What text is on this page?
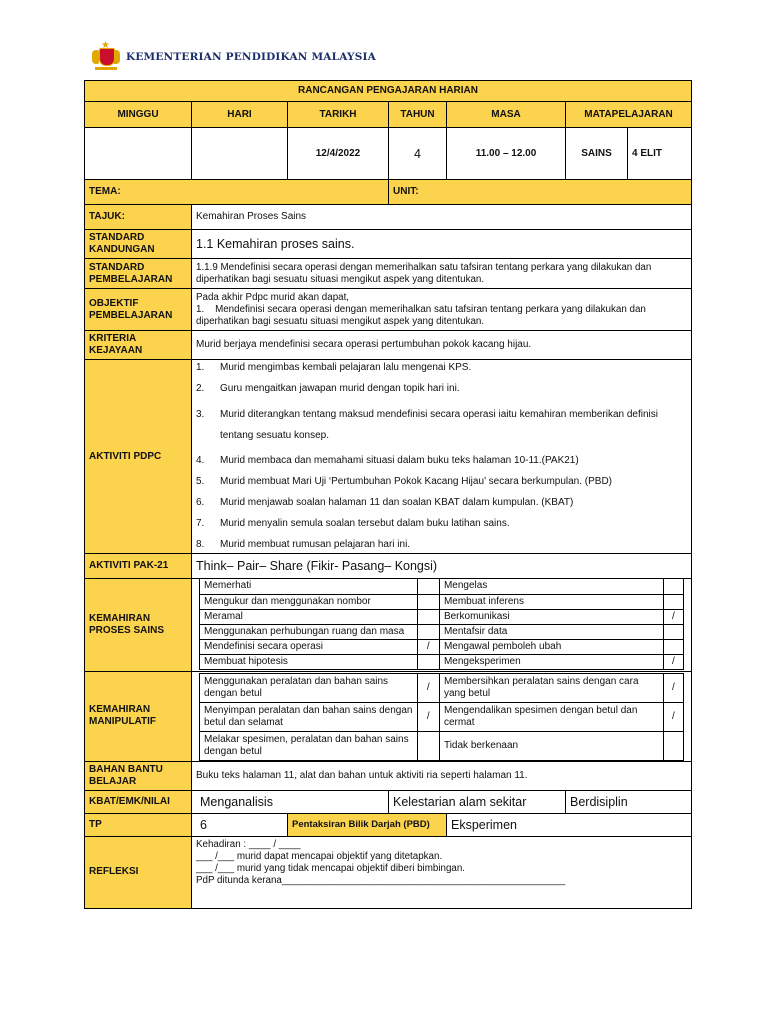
★
KEMENTERIAN PENDIDIKAN MALAYSIA
RANCANGAN PENGAJARAN HARIAN
MINGGU	HARI	TARIKH	TAHUN	MASA	MATAPELAJARAN
		12/4/2022	4	11.00 – 12.00	SAINS	4 ELIT
TEMA:	UNIT:
TAJUK:	Kemahiran Proses Sains
STANDARD KANDUNGAN	1.1 Kemahiran proses sains.
STANDARD PEMBELAJARAN	1.1.9 Mendefinisi secara operasi dengan memerihalkan satu tafsiran tentang perkara yang dilakukan dan diperhatikan bagi sesuatu situasi mengikut aspek yang ditentukan.
OBJEKTIF PEMBELAJARAN	
Pada akhir Pdpc murid akan dapat,
1. Mendefinisi secara operasi dengan memerihalkan satu tafsiran tentang perkara yang dilakukan dan diperhatikan bagi sesuatu situasi mengikut aspek yang ditentukan.

KRITERIA KEJAYAAN	Murid berjaya mendefinisi secara operasi pertumbuhan pokok kacang hijau.
AKTIVITI PDPC	
1.	Murid mengimbas kembali pelajaran lalu mengenai KPS.
2.	Guru mengaitkan jawapan murid dengan topik hari ini.
3.	Murid diterangkan tentang maksud mendefinisi secara operasi iaitu kemahiran memberikan definisi tentang sesuatu konsep.
4.	Murid membaca dan memahami situasi dalam buku teks halaman 10-11.(PAK21)
5.	Murid membuat Mari Uji ‘Pertumbuhan Pokok Kacang Hijau’ secara berkumpulan. (PBD)
6.	Murid menjawab soalan halaman 11 dan soalan KBAT dalam kumpulan. (KBAT)
7.	Murid menyalin semula soalan tersebut dalam buku latihan sains.
8.	Murid membuat rumusan pelajaran hari ini.

AKTIVITI PAK-21	Think– Pair– Share (Fikir- Pasang– Kongsi)
KEMAHIRAN PROSES SAINS	
Memerhati		Mengelas	
Mengukur dan menggunakan nombor		Membuat inferens	
Meramal		Berkomunikasi	/
Menggunakan perhubungan ruang dan masa		Mentafsir data	
Mendefinisi secara operasi	/	Mengawal pemboleh ubah	
Membuat hipotesis		Mengeksperimen	/

KEMAHIRAN MANIPULATIF	
Menggunakan peralatan dan bahan sains dengan betul	/	Membersihkan peralatan sains dengan cara yang betul	/
Menyimpan peralatan dan bahan sains dengan betul dan selamat	/	Mengendalikan spesimen dengan betul dan cermat	/
Melakar spesimen, peralatan dan bahan sains dengan betul		Tidak berkenaan	

BAHAN BANTU BELAJAR	Buku teks halaman 11, alat dan bahan untuk aktiviti ria seperti halaman 11.
KBAT/EMK/NILAI	Menganalisis	Kelestarian alam sekitar	Berdisiplin
TP	6	Pentaksiran Bilik Darjah (PBD)	Eksperimen
REFLEKSI	
Kehadiran : ____ / ____
___ /___ murid dapat mencapai objektif yang ditetapkan.
___ /___ murid yang tidak mencapai objektif diberi bimbingan.
PdP ditunda kerana____________________________________________________
